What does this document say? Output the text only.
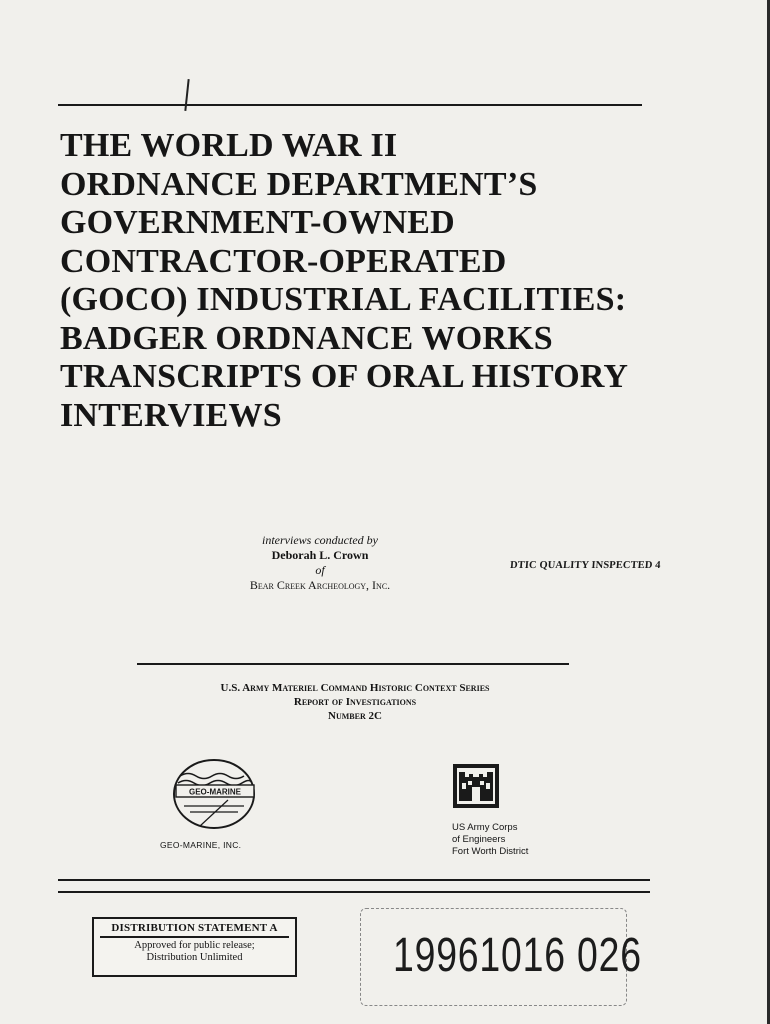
THE WORLD WAR II
ORDNANCE DEPARTMENT’S
GOVERNMENT-OWNED
CONTRACTOR-OPERATED
(GOCO) INDUSTRIAL FACILITIES:
BADGER ORDNANCE WORKS
TRANSCRIPTS OF ORAL HISTORY
INTERVIEWS
interviews conducted by
Deborah L. Crown
of
Bear Creek Archeology, Inc.
DTIC QUALITY INSPECTED 4
U.S. Army Materiel Command Historic Context Series
Report of Investigations
Number 2C
GEO-MARINE
GEO-MARINE, INC.
US Army Corps
of Engineers
Fort Worth District
DISTRIBUTION STATEMENT A
Approved for public release;
Distribution Unlimited	19961016 026
